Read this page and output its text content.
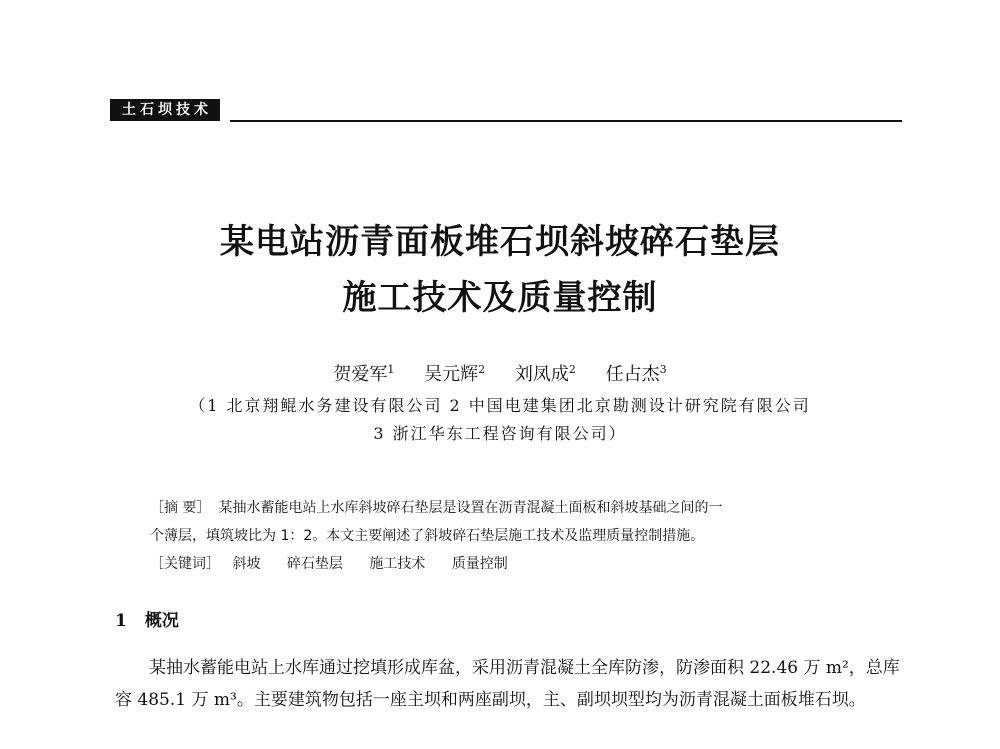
土石坝技术
某电站沥青面板堆石坝斜坡碎石垫层
施工技术及质量控制
贺爱军$^1$ 吴元辉$^2$ 刘凤成$^2$ 任占杰$^3$
（1 北京翔鲲水务建设有限公司 2 中国电建集团北京勘测设计研究院有限公司
3 浙江华东工程咨询有限公司）
［摘 要］ 某抽水蓄能电站上水库斜坡碎石垫层是设置在沥青混凝土面板和斜坡基础之间的一
个薄层，填筑坡比为 1：2。本文主要阐述了斜坡碎石垫层施工技术及监理质量控制措施。
［关键词］ 斜坡 碎石垫层 施工技术 质量控制
1 概况

某抽水蓄能电站上水库通过挖填形成库盆，采用沥青混凝土全库防渗，防渗面积 22.46 万 m²，总库容 485.1 万 m³。主要建筑物包括一座主坝和两座副坝，主、副坝坝型均为沥青混凝土面板堆石坝。
